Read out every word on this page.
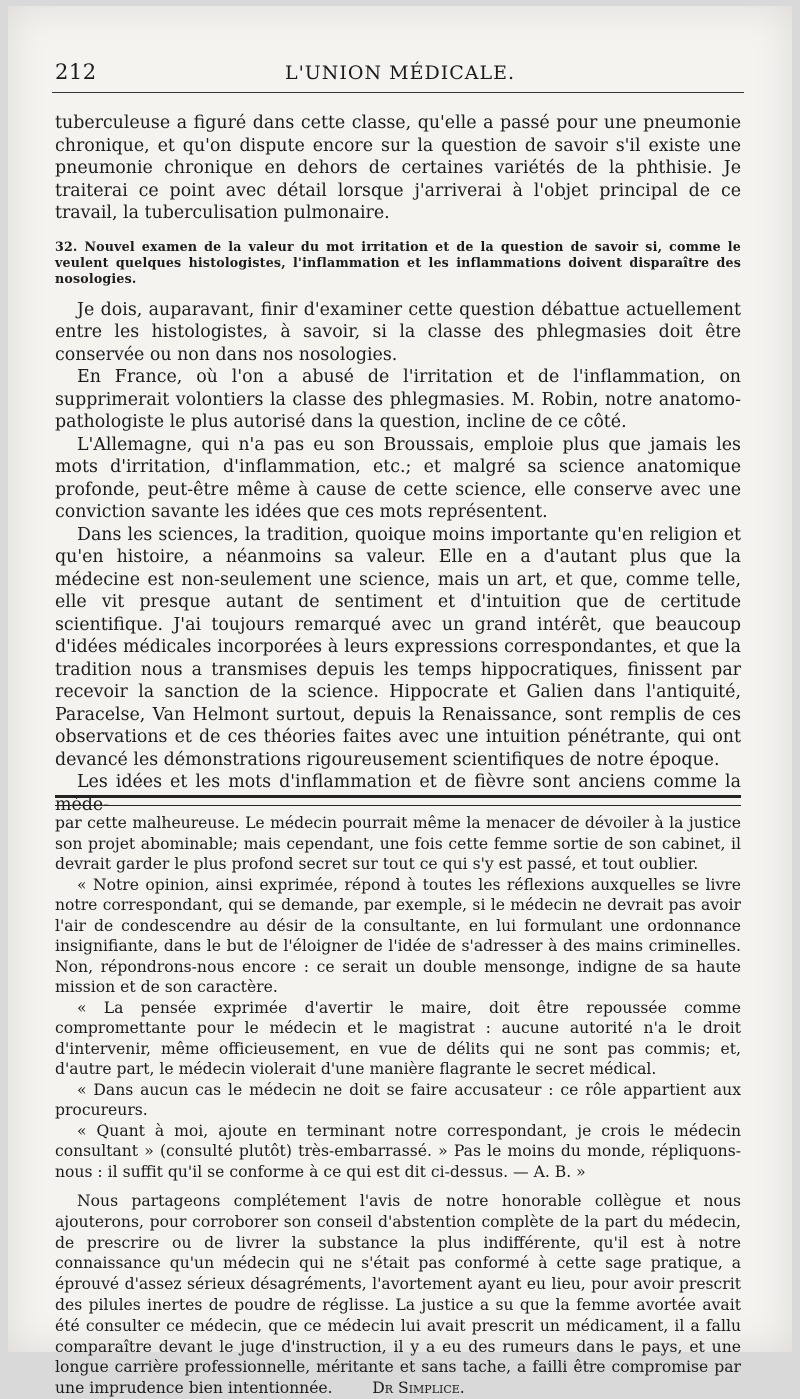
212	L'UNION MÉDICALE.

tuberculeuse a figuré dans cette classe, qu'elle a passé pour une pneumonie chronique, et qu'on dispute encore sur la question de savoir s'il existe une pneumonie chronique en dehors de certaines variétés de la phthisie. Je traiterai ce point avec détail lorsque j'arriverai à l'objet principal de ce travail, la tuberculisation pulmonaire.

32. Nouvel examen de la valeur du mot irritation et de la question de savoir si, comme le veulent quelques histologistes, l'inflammation et les inflammations doivent disparaître des nosologies.

Je dois, auparavant, finir d'examiner cette question débattue actuellement entre les histologistes, à savoir, si la classe des phlegmasies doit être conservée ou non dans nos nosologies.

En France, où l'on a abusé de l'irritation et de l'inflammation, on supprimerait volontiers la classe des phlegmasies. M. Robin, notre anatomo-pathologiste le plus autorisé dans la question, incline de ce côté.

L'Allemagne, qui n'a pas eu son Broussais, emploie plus que jamais les mots d'irritation, d'inflammation, etc.; et malgré sa science anatomique profonde, peut-être même à cause de cette science, elle conserve avec une conviction savante les idées que ces mots représentent.

Dans les sciences, la tradition, quoique moins importante qu'en religion et qu'en histoire, a néanmoins sa valeur. Elle en a d'autant plus que la médecine est non-seulement une science, mais un art, et que, comme telle, elle vit presque autant de sentiment et d'intuition que de certitude scientifique. J'ai toujours remarqué avec un grand intérêt, que beaucoup d'idées médicales incorporées à leurs expressions correspondantes, et que la tradition nous a transmises depuis les temps hippocratiques, finissent par recevoir la sanction de la science. Hippocrate et Galien dans l'antiquité, Paracelse, Van Helmont surtout, depuis la Renaissance, sont remplis de ces observations et de ces théories faites avec une intuition pénétrante, qui ont devancé les démonstrations rigoureusement scientifiques de notre époque.

Les idées et les mots d'inflammation et de fièvre sont anciens comme la méde-

par cette malheureuse. Le médecin pourrait même la menacer de dévoiler à la justice son projet abominable; mais cependant, une fois cette femme sortie de son cabinet, il devrait garder le plus profond secret sur tout ce qui s'y est passé, et tout oublier.

« Notre opinion, ainsi exprimée, répond à toutes les réflexions auxquelles se livre notre correspondant, qui se demande, par exemple, si le médecin ne devrait pas avoir l'air de condescendre au désir de la consultante, en lui formulant une ordonnance insignifiante, dans le but de l'éloigner de l'idée de s'adresser à des mains criminelles. Non, répondrons-nous encore : ce serait un double mensonge, indigne de sa haute mission et de son caractère.

« La pensée exprimée d'avertir le maire, doit être repoussée comme compromettante pour le médecin et le magistrat : aucune autorité n'a le droit d'intervenir, même officieusement, en vue de délits qui ne sont pas commis; et, d'autre part, le médecin violerait d'une manière flagrante le secret médical.

« Dans aucun cas le médecin ne doit se faire accusateur : ce rôle appartient aux procureurs.

« Quant à moi, ajoute en terminant notre correspondant, je crois le médecin consultant » (consulté plutôt) très-embarrassé. » Pas le moins du monde, répliquons-nous : il suffit qu'il se conforme à ce qui est dit ci-dessus. — A. B. »

Nous partageons complétement l'avis de notre honorable collègue et nous ajouterons, pour corroborer son conseil d'abstention complète de la part du médecin, de prescrire ou de livrer la substance la plus indifférente, qu'il est à notre connaissance qu'un médecin qui ne s'était pas conformé à cette sage pratique, a éprouvé d'assez sérieux désagréments, l'avortement ayant eu lieu, pour avoir prescrit des pilules inertes de poudre de réglisse. La justice a su que la femme avortée avait été consulter ce médecin, que ce médecin lui avait prescrit un médicament, il a fallu comparaître devant le juge d'instruction, il y a eu des rumeurs dans le pays, et une longue carrière professionnelle, méritante et sans tache, a failli être compromise par une imprudence bien intentionnée.	Dr Simplice.
